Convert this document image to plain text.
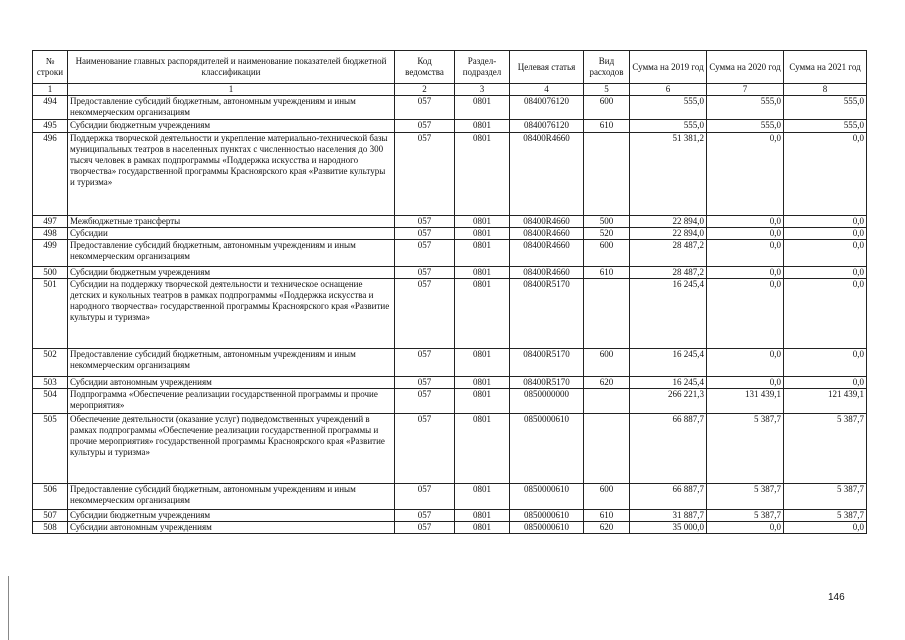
№ строки	Наименование главных распорядителей и наименование показателей бюджетной классификации	Код ведомства	Раздел-подраздел	Целевая статья	Вид расходов	Сумма на 2019 год	Сумма на 2020 год	Сумма на 2021 год
1	1	2	3	4	5	6	7	8
494	Предоставление субсидий бюджетным, автономным учреждениям и иным некоммерческим организациям	057	0801	0840076120	600	555,0	555,0	555,0
495	Субсидии бюджетным учреждениям	057	0801	0840076120	610	555,0	555,0	555,0
496	Поддержка творческой деятельности и укрепление материально-технической базы муниципальных театров в населенных пунктах с численностью населения до 300 тысяч человек в рамках подпрограммы «Поддержка искусства и народного творчества» государственной программы Красноярского края «Развитие культуры и туризма»	057	0801	08400R4660		51 381,2	0,0	0,0
497	Межбюджетные трансферты	057	0801	08400R4660	500	22 894,0	0,0	0,0
498	Субсидии	057	0801	08400R4660	520	22 894,0	0,0	0,0
499	Предоставление субсидий бюджетным, автономным учреждениям и иным некоммерческим организациям	057	0801	08400R4660	600	28 487,2	0,0	0,0
500	Субсидии бюджетным учреждениям	057	0801	08400R4660	610	28 487,2	0,0	0,0
501	Субсидии на поддержку творческой деятельности и техническое оснащение детских и кукольных театров в рамках подпрограммы «Поддержка искусства и народного творчества» государственной программы Красноярского края «Развитие культуры и туризма»	057	0801	08400R5170		16 245,4	0,0	0,0
502	Предоставление субсидий бюджетным, автономным учреждениям и иным некоммерческим организациям	057	0801	08400R5170	600	16 245,4	0,0	0,0
503	Субсидии автономным учреждениям	057	0801	08400R5170	620	16 245,4	0,0	0,0
504	Подпрограмма «Обеспечение реализации государственной программы и прочие мероприятия»	057	0801	0850000000		266 221,3	131 439,1	121 439,1
505	Обеспечение деятельности (оказание услуг) подведомственных учреждений в рамках подпрограммы «Обеспечение реализации государственной программы и прочие мероприятия» государственной программы Красноярского края «Развитие культуры и туризма»	057	0801	0850000610		66 887,7	5 387,7	5 387,7
506	Предоставление субсидий бюджетным, автономным учреждениям и иным некоммерческим организациям	057	0801	0850000610	600	66 887,7	5 387,7	5 387,7
507	Субсидии бюджетным учреждениям	057	0801	0850000610	610	31 887,7	5 387,7	5 387,7
508	Субсидии автономным учреждениям	057	0801	0850000610	620	35 000,0	0,0	0,0
146
